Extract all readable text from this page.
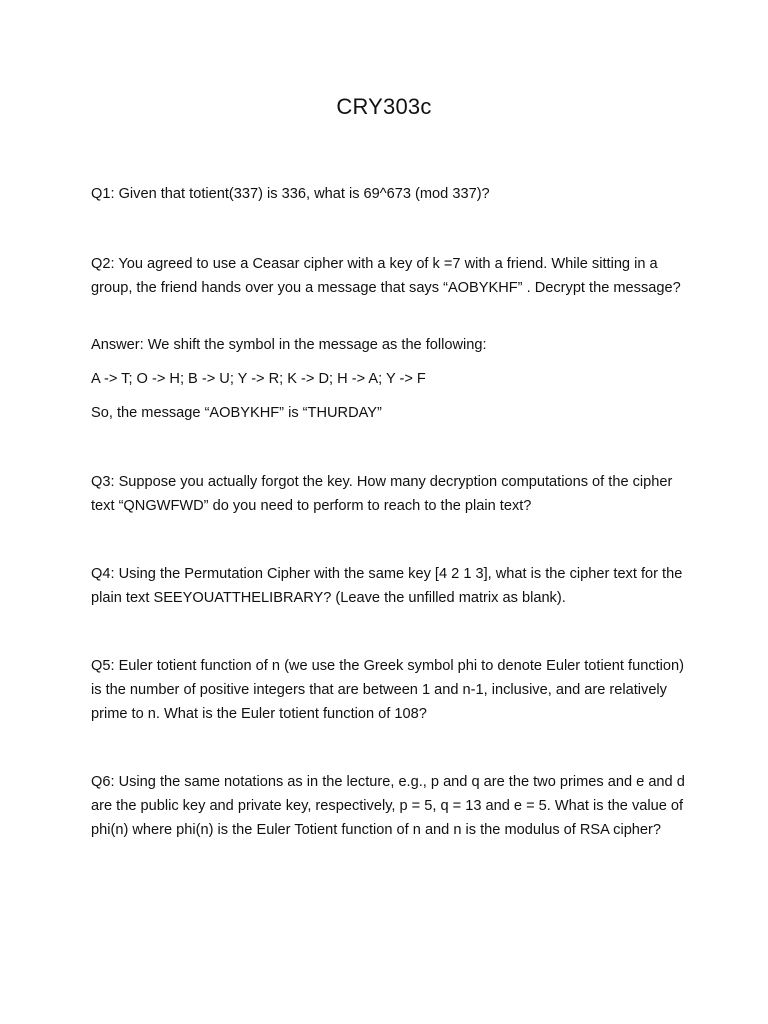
CRY303c

Q1: Given that totient(337) is 336, what is 69^673 (mod 337)?

Q2: You agreed to use a Ceasar cipher with a key of k =7 with a friend. While sitting in a group, the friend hands over you a message that says “AOBYKHF” . Decrypt the message?

Answer: We shift the symbol in the message as the following:

A -> T; O -> H; B -> U; Y -> R; K -> D; H -> A; Y -> F

So, the message “AOBYKHF” is “THURDAY”

Q3: Suppose you actually forgot the key. How many decryption computations of the cipher text “QNGWFWD” do you need to perform to reach to the plain text?

Q4: Using the Permutation Cipher with the same key [4 2 1 3], what is the cipher text for the plain text SEEYOUATTHELIBRARY? (Leave the unfilled matrix as blank).

Q5: Euler totient function of n (we use the Greek symbol phi to denote Euler totient function) is the number of positive integers that are between 1 and n-1, inclusive, and are relatively prime to n. What is the Euler totient function of 108?

Q6: Using the same notations as in the lecture, e.g., p and q are the two primes and e and d are the public key and private key, respectively, p = 5, q = 13 and e = 5. What is the value of phi(n) where phi(n) is the Euler Totient function of n and n is the modulus of RSA cipher?
